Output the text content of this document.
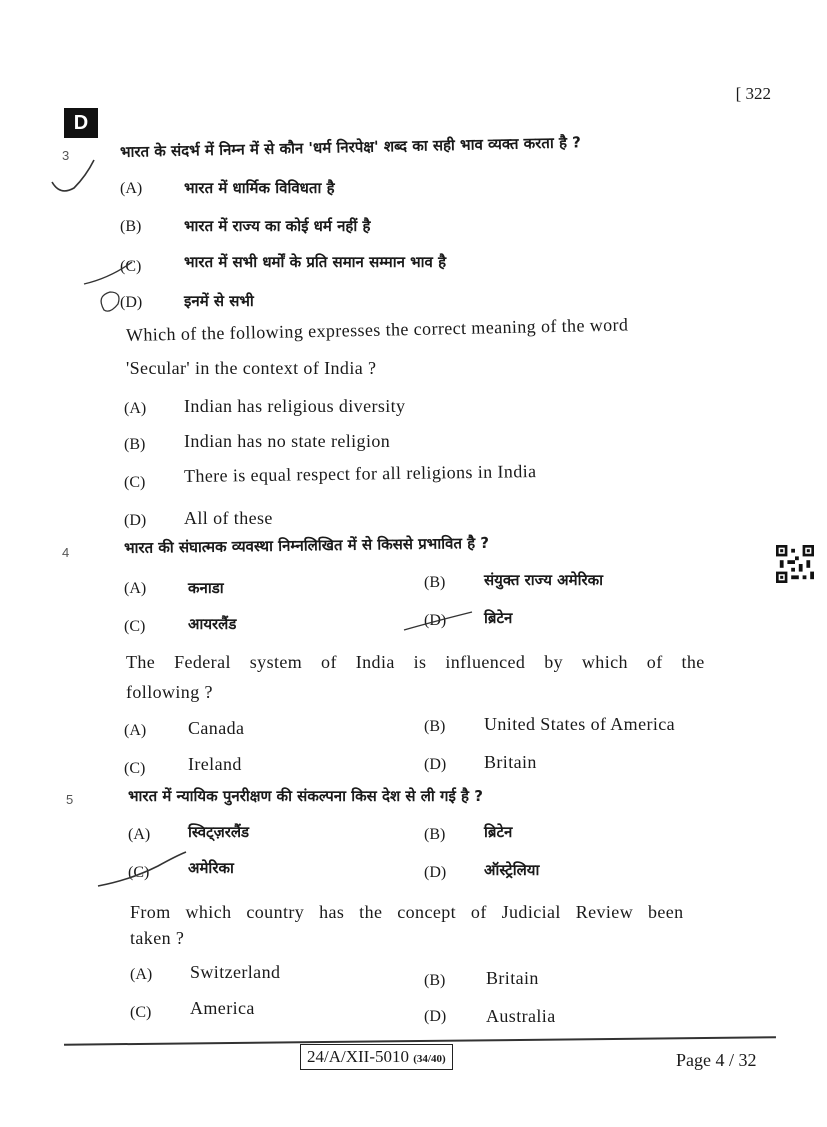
D
[ 322
3	भारत के संदर्भ में निम्न में से कौन 'धर्म निरपेक्ष' शब्द का सही भाव व्यक्त करता है ?
(A)	भारत में धार्मिक विविधता है
(B)	भारत में राज्य का कोई धर्म नहीं है
(C)	भारत में सभी धर्मों के प्रति समान सम्मान भाव है
(D)	इनमें से सभी
Which of the following expresses the correct meaning of the word
'Secular' in the context of India ?
(A) Indian has religious diversity
(B) Indian has no state religion
(C) There is equal respect for all religions in India
(D) All of these
4	भारत की संघात्मक व्यवस्था निम्नलिखित में से किससे प्रभावित है ?
(A)	कनाडा	(B)	संयुक्त राज्य अमेरिका
(C)	आयरलैंड	(D)	ब्रिटेन
The Federal system of India is influenced by which of the
following ?
(A) Canada	(B) United States of America
(C) Ireland	(D) Britain
5	भारत में न्यायिक पुनरीक्षण की संकल्पना किस देश से ली गई है ?
(A)	स्विट्ज़रलैंड	(B)	ब्रिटेन
(C)	अमेरिका	(D)	ऑस्ट्रेलिया
From which country has the concept of Judicial Review been
taken ?
(A) Switzerland	(B) Britain
(C) America	(D) Australia
24/A/XII-5010 (34/40)	Page 4 / 32
